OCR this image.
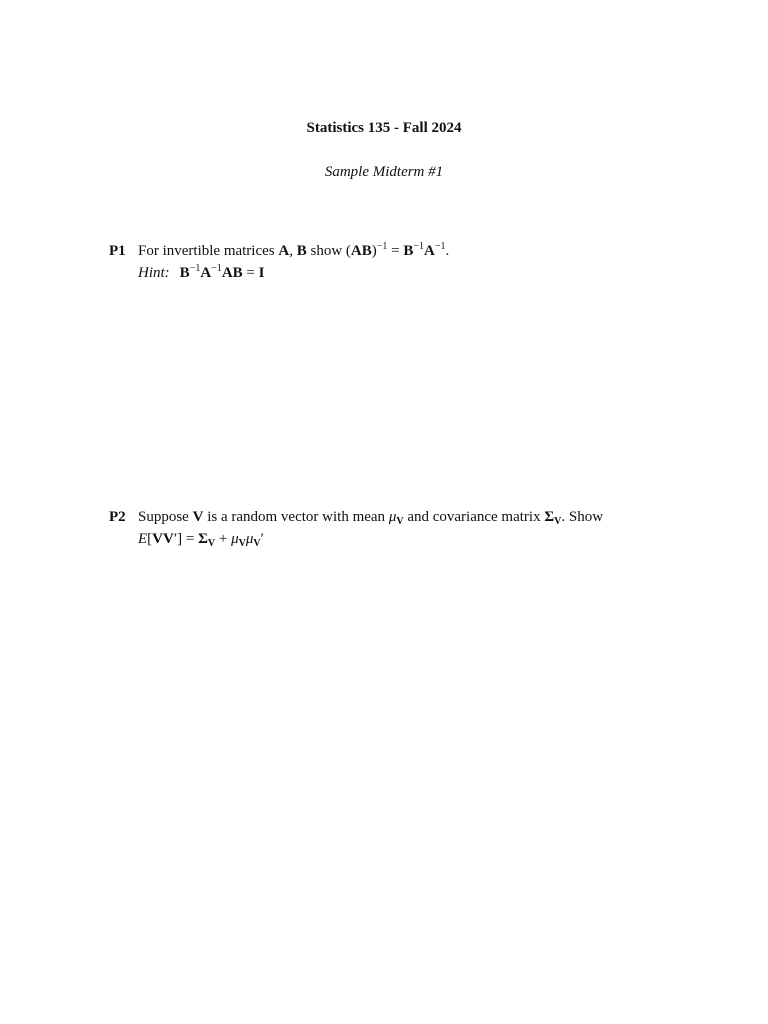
Statistics 135 - Fall 2024
Sample Midterm #1
P1 For invertible matrices A, B show $(AB)^{-1} = B^{-1}A^{-1}$.
Hint: $B^{-1}A^{-1}AB = I$
P2 Suppose V is a random vector with mean $\mu_V$ and covariance matrix $\Sigma_V$. Show
$E[VV'] = \Sigma_V + \mu_V\mu_V'$
